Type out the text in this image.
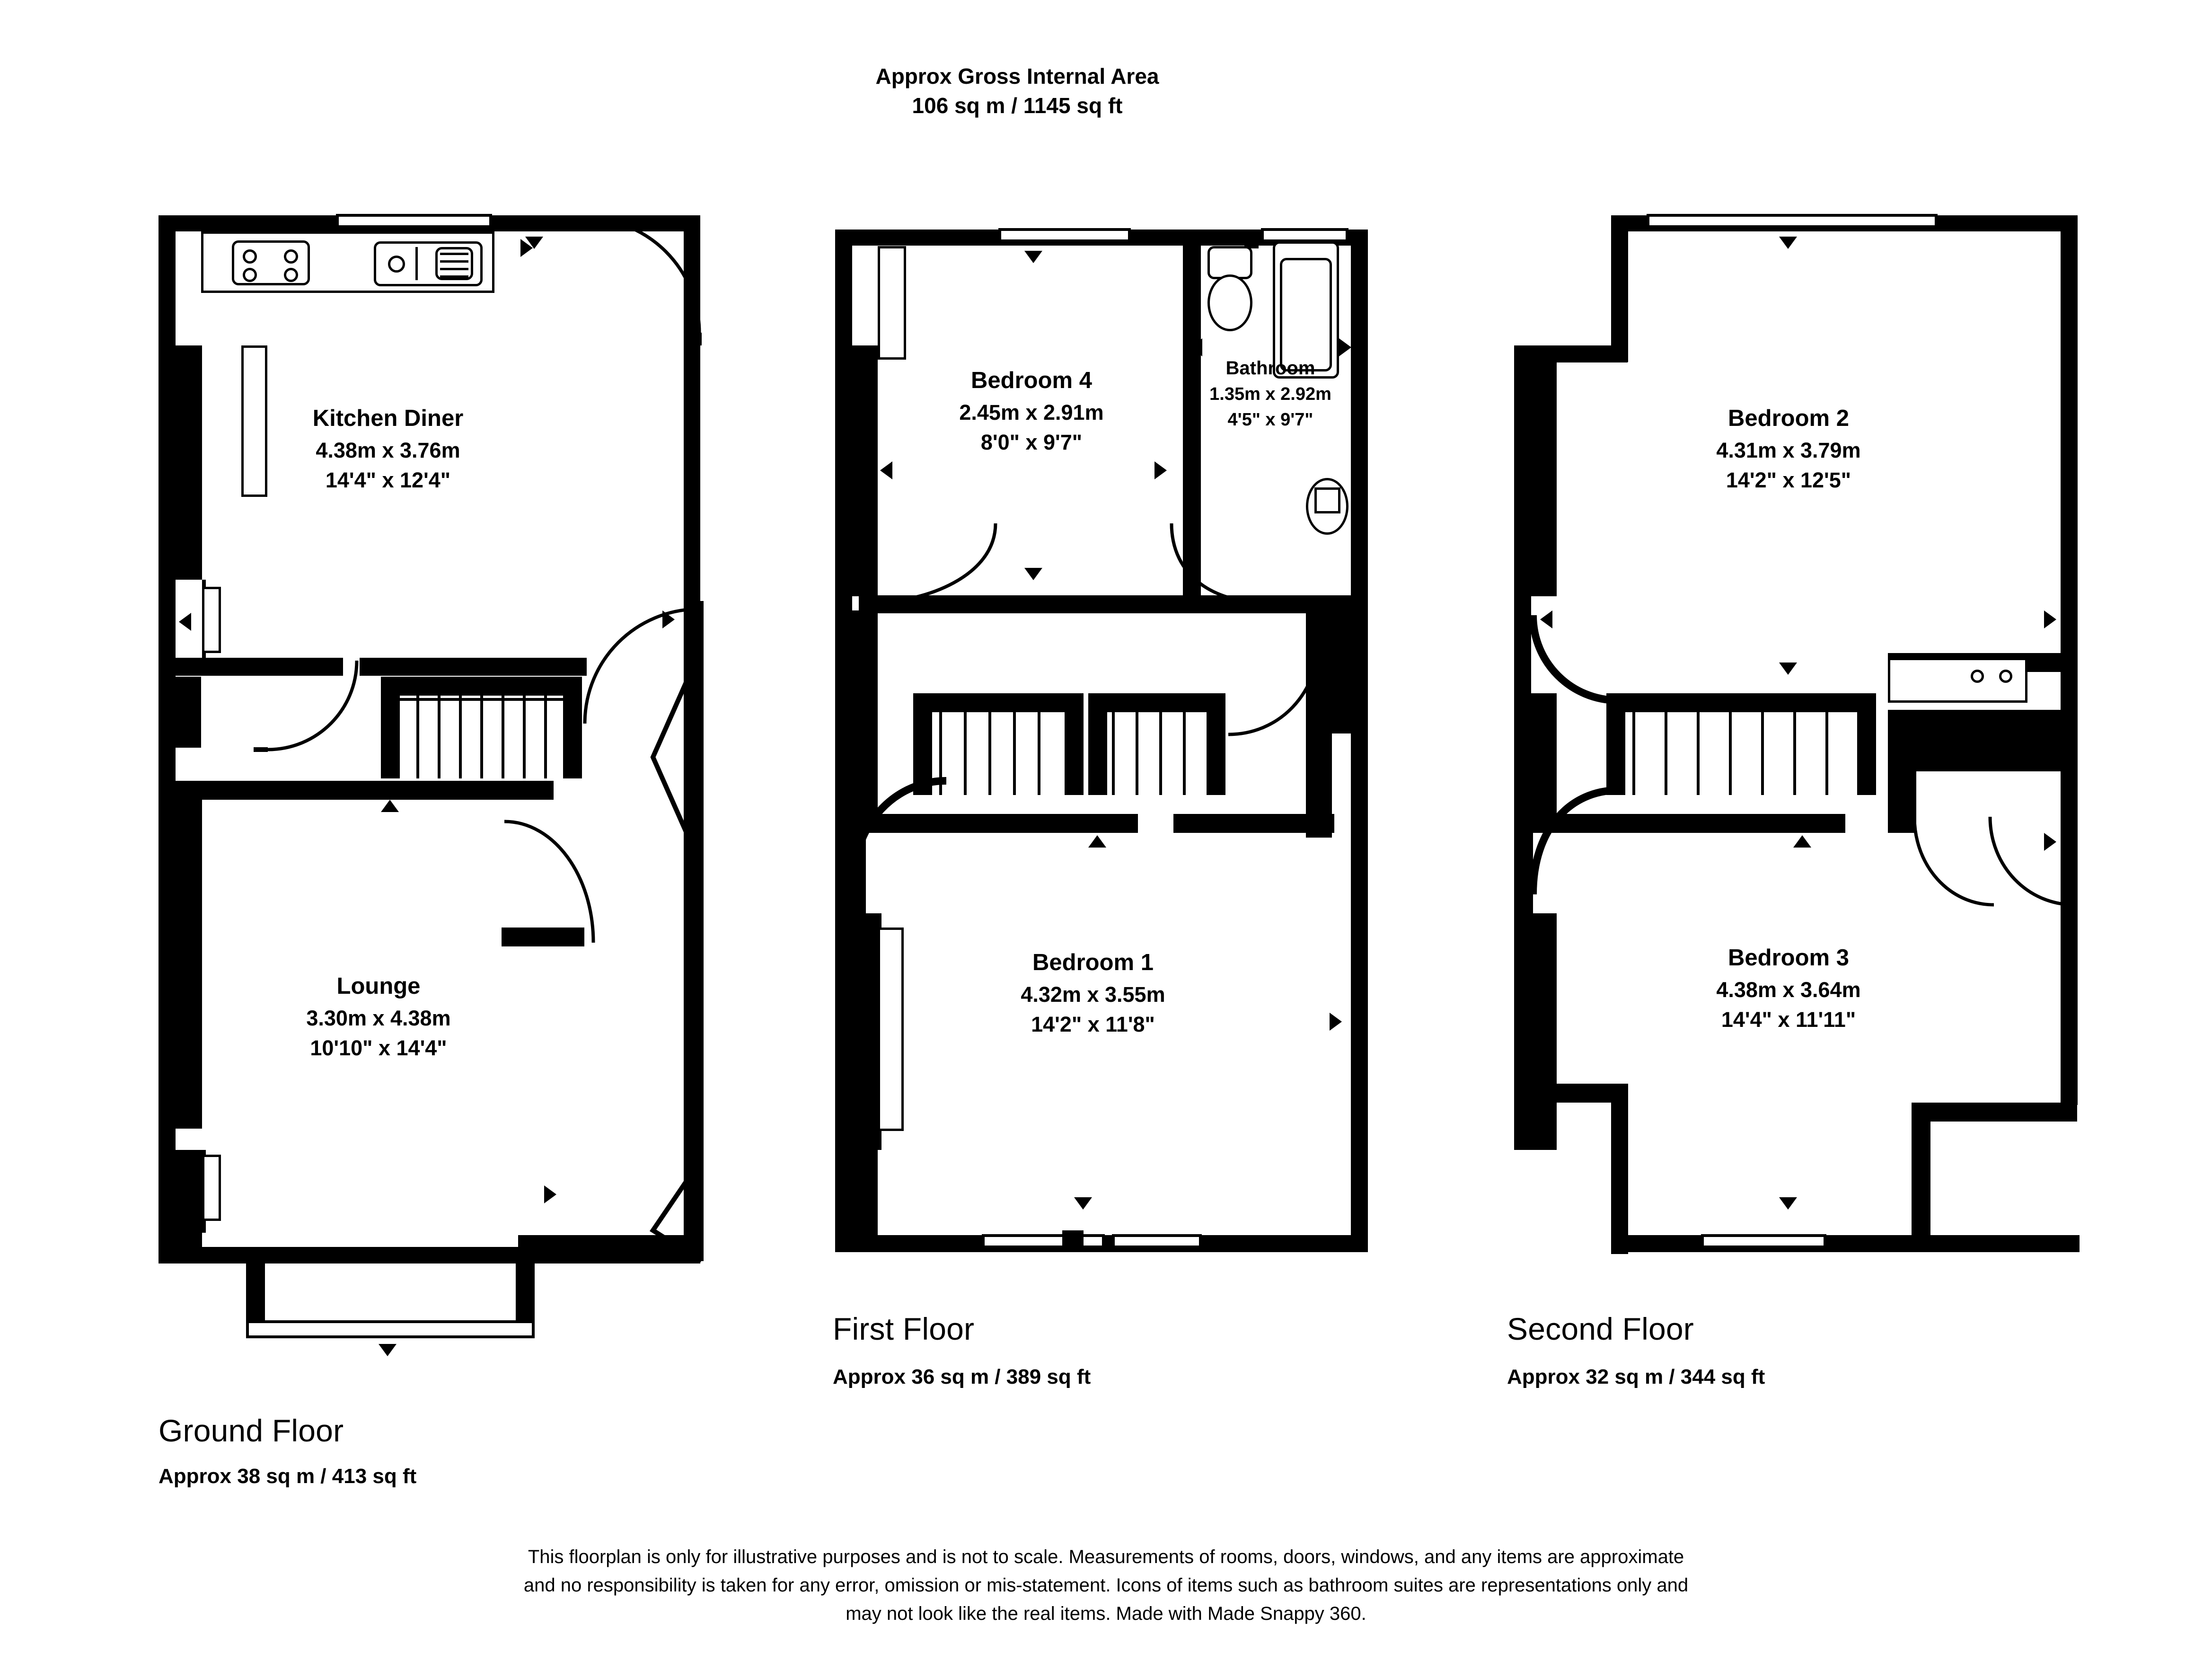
Approx Gross Internal Area
106 sq m / 1145 sq ft
Kitchen Diner
4.38m x 3.76m
14'4" x 12'4"
Lounge
3.30m x 4.38m
10'10" x 14'4"
Ground Floor
Approx 38 sq m / 413 sq ft
Bedroom 4
2.45m x 2.91m
8'0" x 9'7"
Bathroom
1.35m x 2.92m
4'5" x 9'7"
Bedroom 1
4.32m x 3.55m
14'2" x 11'8"
First Floor
Approx 36 sq m / 389 sq ft
Bedroom 2
4.31m x 3.79m
14'2" x 12'5"
Bedroom 3
4.38m x 3.64m
14'4" x 11'11"
Second Floor
Approx 32 sq m / 344 sq ft
This floorplan is only for illustrative purposes and is not to scale. Measurements of rooms, doors, windows, and any items are approximate
and no responsibility is taken for any error, omission or mis-statement. Icons of items such as bathroom suites are representations only and
may not look like the real items. Made with Made Snappy 360.
